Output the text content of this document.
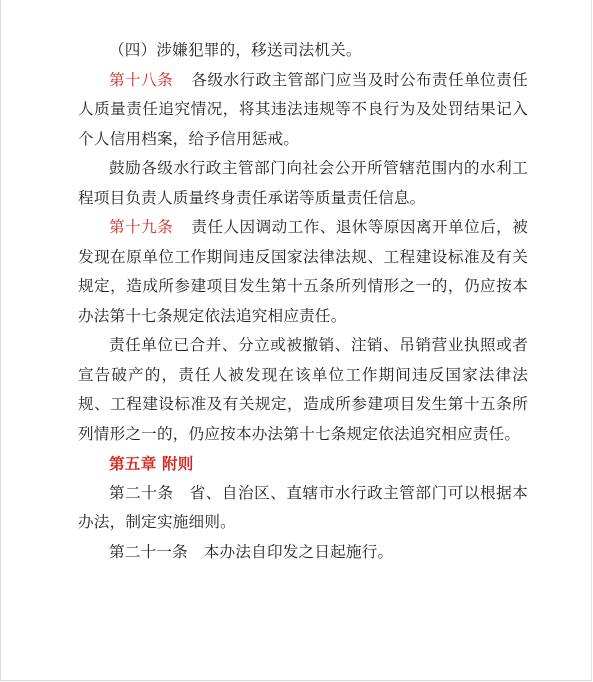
（四）涉嫌犯罪的，移送司法机关。

第十八条 各级水行政主管部门应当及时公布责任单位责任人质量责任追究情况，将其违法违规等不良行为及处罚结果记入个人信用档案，给予信用惩戒。

鼓励各级水行政主管部门向社会公开所管辖范围内的水利工程项目负责人质量终身责任承诺等质量责任信息。

第十九条 责任人因调动工作、退休等原因离开单位后，被发现在原单位工作期间违反国家法律法规、工程建设标准及有关规定，造成所参建项目发生第十五条所列情形之一的，仍应按本办法第十七条规定依法追究相应责任。

责任单位已合并、分立或被撤销、注销、吊销营业执照或者宣告破产的，责任人被发现在该单位工作期间违反国家法律法规、工程建设标准及有关规定，造成所参建项目发生第十五条所列情形之一的，仍应按本办法第十七条规定依法追究相应责任。

第五章 附则

第二十条　省、自治区、直辖市水行政主管部门可以根据本办法，制定实施细则。

第二十一条　本办法自印发之日起施行。
